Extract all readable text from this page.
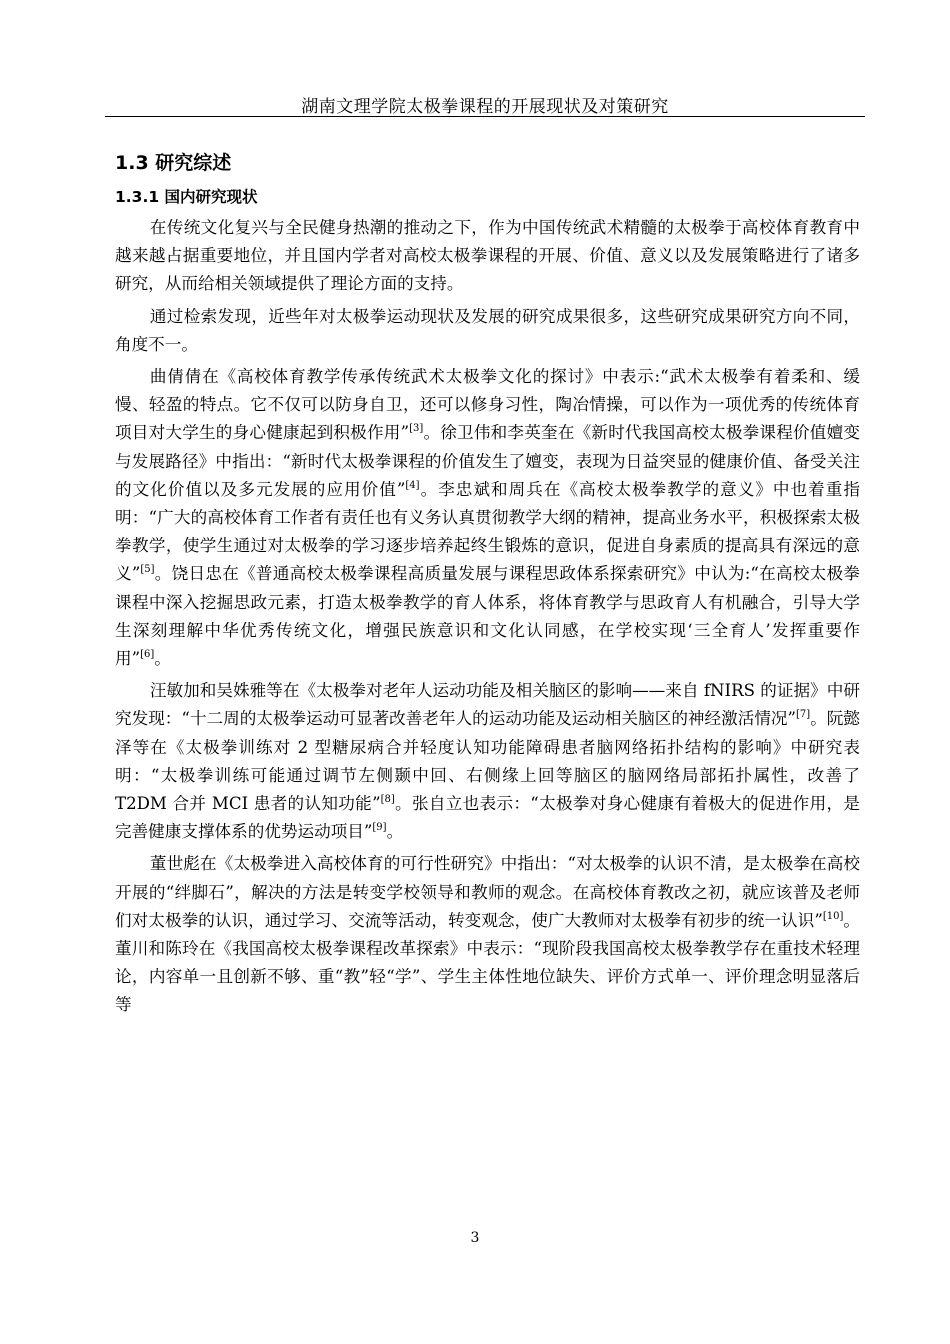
湖南文理学院太极拳课程的开展现状及对策研究
1.3 研究综述
1.3.1 国内研究现状

在传统文化复兴与全民健身热潮的推动之下，作为中国传统武术精髓的太极拳于高校体育教育中越来越占据重要地位，并且国内学者对高校太极拳课程的开展、价值、意义以及发展策略进行了诸多研究，从而给相关领域提供了理论方面的支持。

通过检索发现，近些年对太极拳运动现状及发展的研究成果很多，这些研究成果研究方向不同，角度不一。

曲倩倩在《高校体育教学传承传统武术太极拳文化的探讨》中表示:“武术太极拳有着柔和、缓慢、轻盈的特点。它不仅可以防身自卫，还可以修身习性，陶冶情操，可以作为一项优秀的传统体育项目对大学生的身心健康起到积极作用”[3]。徐卫伟和李英奎在《新时代我国高校太极拳课程价值嬗变与发展路径》中指出：“新时代太极拳课程的价值发生了嬗变，表现为日益突显的健康价值、备受关注的文化价值以及多元发展的应用价值”[4]。李忠斌和周兵在《高校太极拳教学的意义》中也着重指明：“广大的高校体育工作者有责任也有义务认真贯彻教学大纲的精神，提高业务水平，积极探索太极拳教学，使学生通过对太极拳的学习逐步培养起终生锻炼的意识，促进自身素质的提高具有深远的意义”[5]。饶日忠在《普通高校太极拳课程高质量发展与课程思政体系探索研究》中认为:“在高校太极拳课程中深入挖掘思政元素，打造太极拳教学的育人体系，将体育教学与思政育人有机融合，引导大学生深刻理解中华优秀传统文化，增强民族意识和文化认同感，在学校实现‘三全育人’发挥重要作用”[6]。

汪敏加和吴姝雅等在《太极拳对老年人运动功能及相关脑区的影响——来自 fNIRS 的证据》中研究发现：“十二周的太极拳运动可显著改善老年人的运动功能及运动相关脑区的神经激活情况”[7]。阮懿泽等在《太极拳训练对 2 型糖尿病合并轻度认知功能障碍患者脑网络拓扑结构的影响》中研究表明：“太极拳训练可能通过调节左侧颞中回、右侧缘上回等脑区的脑网络局部拓扑属性，改善了 T2DM 合并 MCI 患者的认知功能”[8]。张自立也表示：“太极拳对身心健康有着极大的促进作用，是完善健康支撑体系的优势运动项目”[9]。

董世彪在《太极拳进入高校体育的可行性研究》中指出：“对太极拳的认识不清，是太极拳在高校开展的“绊脚石”，解决的方法是转变学校领导和教师的观念。在高校体育教改之初，就应该普及老师们对太极拳的认识，通过学习、交流等活动，转变观念，使广大教师对太极拳有初步的统一认识”[10]。董川和陈玲在《我国高校太极拳课程改革探索》中表示：“现阶段我国高校太极拳教学存在重技术轻理论，内容单一且创新不够、重“教”轻“学”、学生主体性地位缺失、评价方式单一、评价理念明显落后等

3
